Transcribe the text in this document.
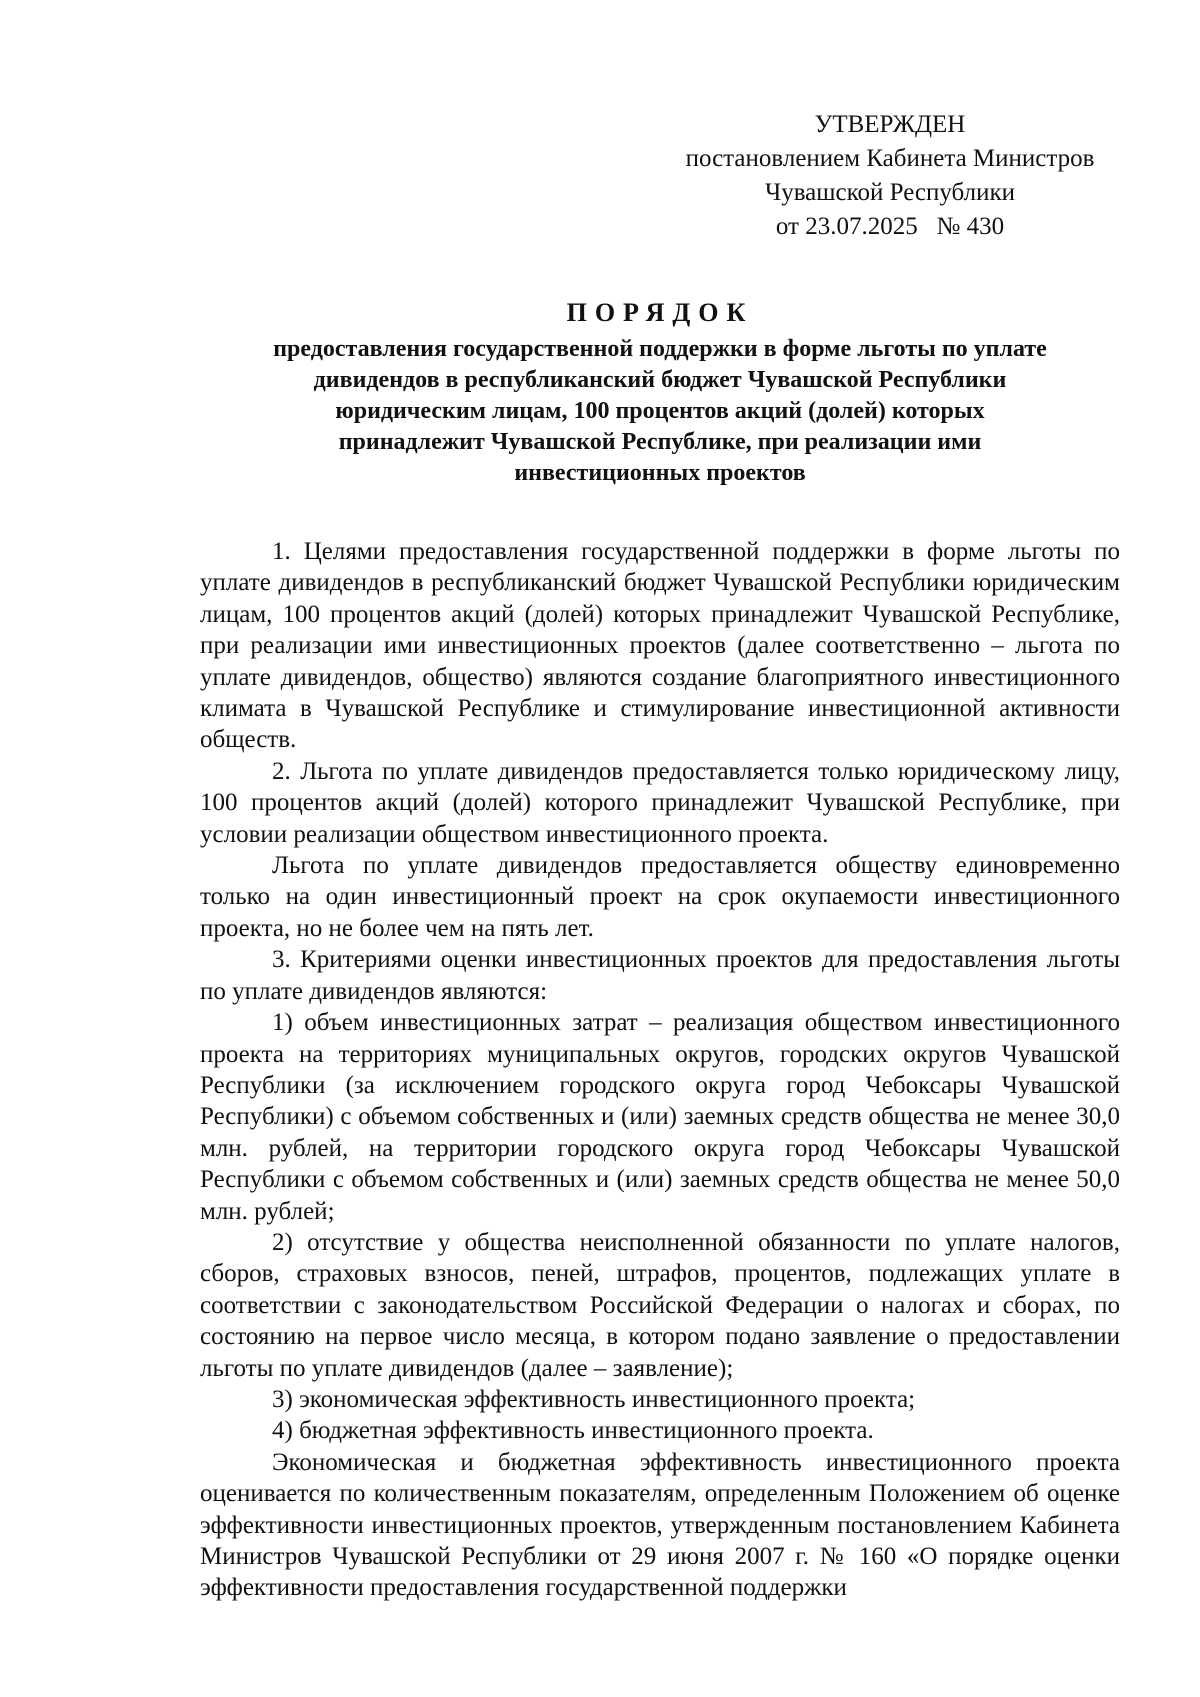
УТВЕРЖДЕН
постановлением Кабинета Министров
Чувашской Республики
от 23.07.2025   № 430
ПОРЯДОК
предоставления государственной поддержки в форме льготы по уплате
дивидендов в республиканский бюджет Чувашской Республики
юридическим лицам, 100 процентов акций (долей) которых
принадлежит Чувашской Республике, при реализации ими
инвестиционных проектов

1. Целями предоставления государственной поддержки в форме льготы по уплате дивидендов в республиканский бюджет Чувашской Республики юридическим лицам, 100 процентов акций (долей) которых принадлежит Чувашской Республике, при реализации ими инвестиционных проектов (далее соответственно – льгота по уплате дивидендов, общество) являются создание благоприятного инвестиционного климата в Чувашской Республике и стимулирование инвестиционной активности обществ.

2. Льгота по уплате дивидендов предоставляется только юридическому лицу, 100 процентов акций (долей) которого принадлежит Чувашской Республике, при условии реализации обществом инвестиционного проекта.

Льгота по уплате дивидендов предоставляется обществу единовременно только на один инвестиционный проект на срок окупаемости инвестиционного проекта, но не более чем на пять лет.

3. Критериями оценки инвестиционных проектов для предоставления льготы по уплате дивидендов являются:

1) объем инвестиционных затрат – реализация обществом инвестиционного проекта на территориях муниципальных округов, городских округов Чувашской Республики (за исключением городского округа город Чебоксары Чувашской Республики) с объемом собственных и (или) заемных средств общества не менее 30,0 млн. рублей, на территории городского округа город Чебоксары Чувашской Республики с объемом собственных и (или) заемных средств общества не менее 50,0 млн. рублей;

2) отсутствие у общества неисполненной обязанности по уплате налогов, сборов, страховых взносов, пеней, штрафов, процентов, подлежащих уплате в соответствии с законодательством Российской Федерации о налогах и сборах, по состоянию на первое число месяца, в котором подано заявление о предоставлении льготы по уплате дивидендов (далее – заявление);

3) экономическая эффективность инвестиционного проекта;

4) бюджетная эффективность инвестиционного проекта.

Экономическая и бюджетная эффективность инвестиционного проекта оценивается по количественным показателям, определенным Положением об оценке эффективности инвестиционных проектов, утвержденным постановлением Кабинета Министров Чувашской Республики от 29 июня 2007 г. № 160 «О порядке оценки эффективности предоставления государственной поддержки
